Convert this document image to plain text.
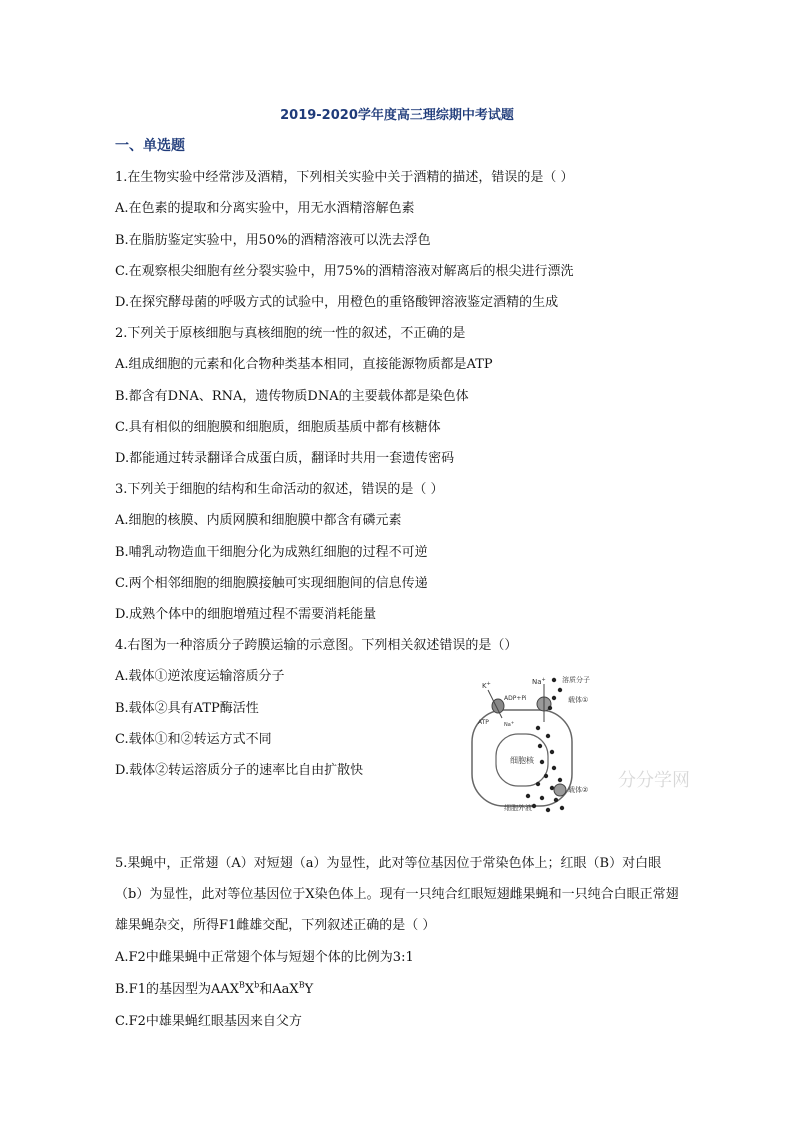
2019-2020学年度高三理综期中考试题
一、单选题
1.在生物实验中经常涉及酒精，下列相关实验中关于酒精的描述，错误的是（ ）
A.在色素的提取和分离实验中，用无水酒精溶解色素
B.在脂肪鉴定实验中，用50%的酒精溶液可以洗去浮色
C.在观察根尖细胞有丝分裂实验中，用75%的酒精溶液对解离后的根尖进行漂洗
D.在探究酵母菌的呼吸方式的试验中，用橙色的重铬酸钾溶液鉴定酒精的生成
2.下列关于原核细胞与真核细胞的统一性的叙述，不正确的是
A.组成细胞的元素和化合物种类基本相同，直接能源物质都是ATP
B.都含有DNA、RNA，遗传物质DNA的主要载体都是染色体
C.具有相似的细胞膜和细胞质，细胞质基质中都有核糖体
D.都能通过转录翻译合成蛋白质，翻译时共用一套遗传密码
3.下列关于细胞的结构和生命活动的叙述，错误的是（ ）
A.细胞的核膜、内质网膜和细胞膜中都含有磷元素
B.哺乳动物造血干细胞分化为成熟红细胞的过程不可逆
C.两个相邻细胞的细胞膜接触可实现细胞间的信息传递
D.成熟个体中的细胞增殖过程不需要消耗能量
4.右图为一种溶质分子跨膜运输的示意图。下列相关叙述错误的是（）
A.载体①逆浓度运输溶质分子
B.载体②具有ATP酶活性
C.载体①和②转运方式不同
D.载体②转运溶质分子的速率比自由扩散快
细胞核
K+	Na+
ADP+Pi
ATP	Na+
溶质分子
载体①
载体②
细胞外液
分分学网
5.果蝇中，正常翅（A）对短翅（a）为显性，此对等位基因位于常染色体上；红眼（B）对白眼（b）为显性，此对等位基因位于X染色体上。现有一只纯合红眼短翅雌果蝇和一只纯合白眼正常翅雄果蝇杂交，所得F1雌雄交配，下列叙述正确的是（ ）
A.F2中雌果蝇中正常翅个体与短翅个体的比例为3:1
B.F1的基因型为$AAX^BX^b$和AaX$^B$Y
C.F2中雄果蝇红眼基因来自父方
